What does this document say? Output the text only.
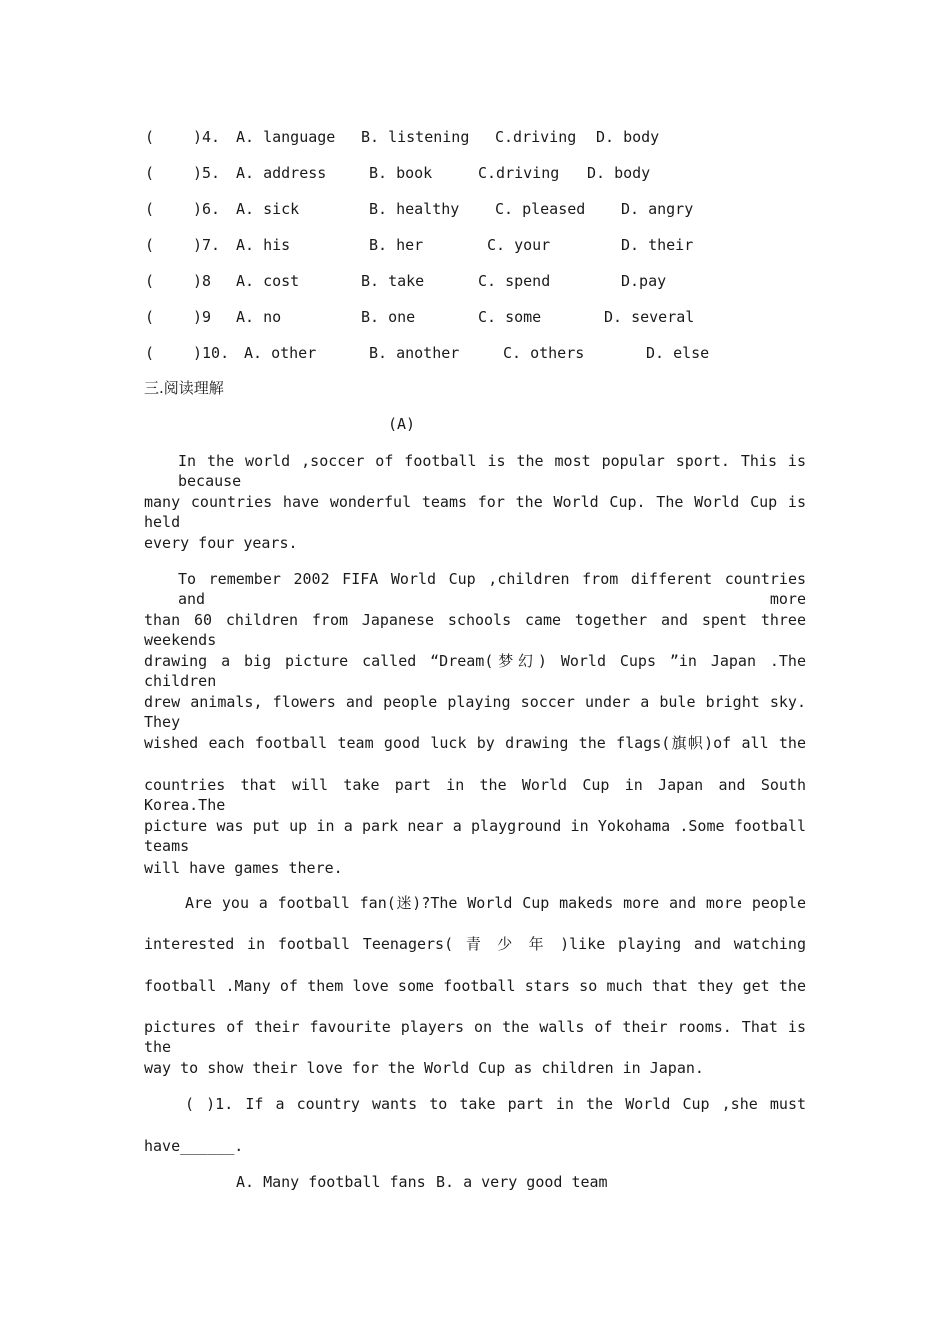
(	)4. A. language B. listening C.driving D. body
(	)5. A. address	B. book	C.driving D. body
(	)6. A. sick	B. healthy C. pleased D. angry
(	)7. A. his	B. her	C. your	D. their
(	)8 A. cost	B. take	C. spend	D.pay
(	)9 A. no	B. one	C. some	D. several
(	)10. A. other	B. another	C. others	D. else
三.阅读理解
(A)
In the world ,soccer of football is the most popular sport. This is because
many countries have wonderful teams for the World Cup. The World Cup is held
every four years.
To remember 2002 FIFA World Cup ,children from different countries and more
than 60 children from Japanese schools came together and spent three weekends
drawing a big picture called “Dream(梦幻) World Cups ”in Japan .The children
drew animals, flowers and people playing soccer under a bule bright sky. They
wished each football team good luck by drawing the flags(旗帜)of all the
countries that will take part in the World Cup in Japan and South Korea.The
picture was put up in a park near a playground in Yokohama .Some football teams
will have games there.
Are you a football fan(迷)?The World Cup makeds more and more people
interested in football Teenagers( 青 少 年 )like playing and watching
football .Many of them love some football stars so much that they get the
pictures of their favourite players on the walls of their rooms. That is the
way to show their love for the World Cup as children in Japan.
( )1. If a country wants to take part in the World Cup ,she must
have______.
A. Many football fans B. a very good team
